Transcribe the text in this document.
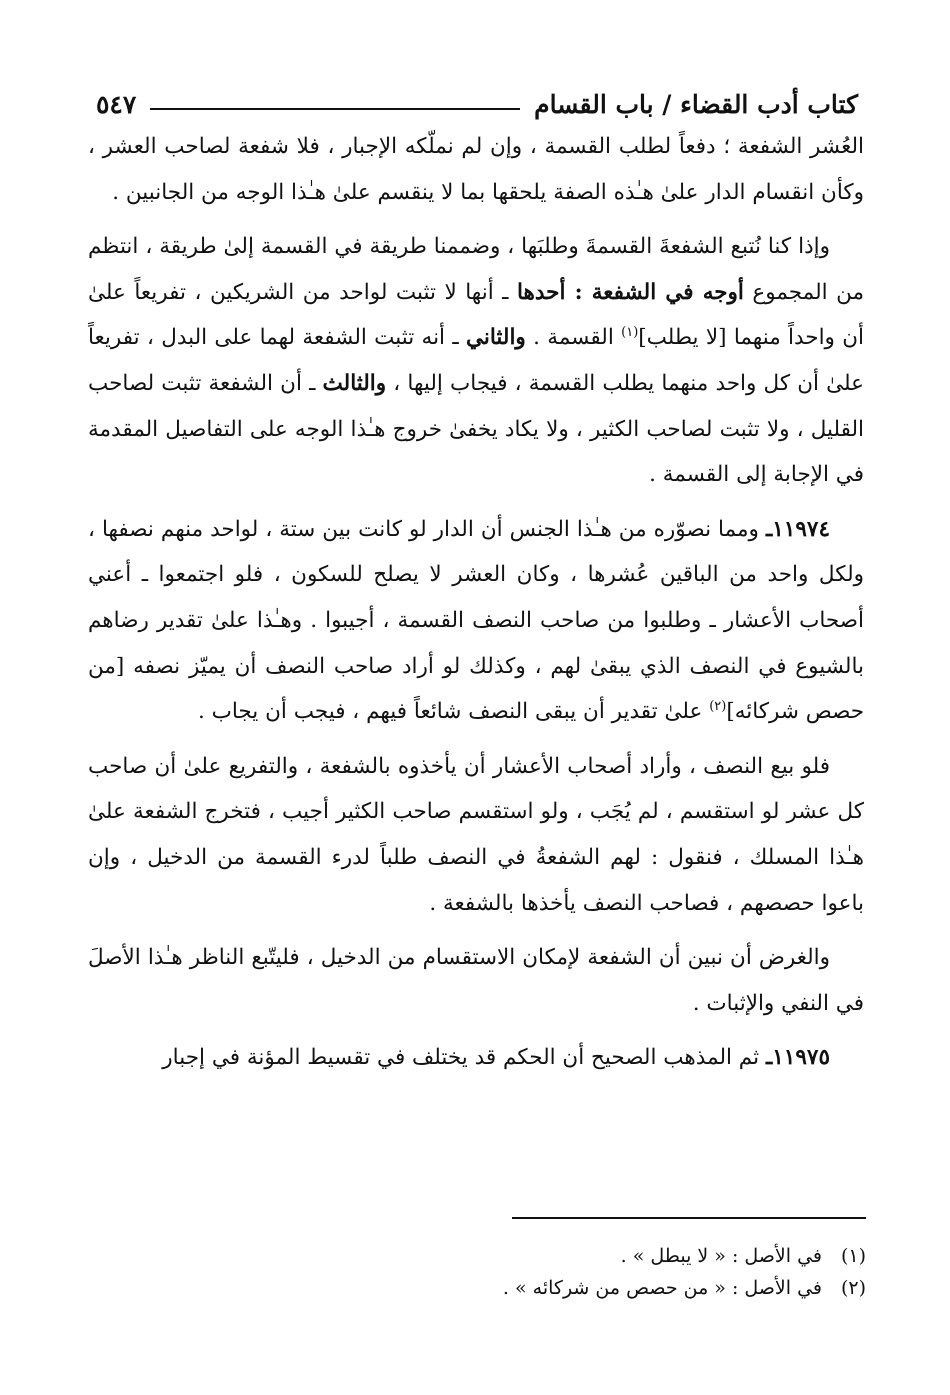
كتاب أدب القضاء / باب القسام
٥٤٧

العُشر الشفعة ؛ دفعاً لطلب القسمة ، وإن لم نملّكه الإجبار ، فلا شفعة لصاحب العشر ، وكأن انقسام الدار علىٰ هـٰذه الصفة يلحقها بما لا ينقسم علىٰ هـٰذا الوجه من الجانبين .

وإذا كنا نُتبع الشفعةَ القسمةَ وطلبَها ، وضممنا طريقة في القسمة إلىٰ طريقة ، انتظم من المجموع أوجه في الشفعة : أحدها ـ أنها لا تثبت لواحد من الشريكين ، تفريعاً علىٰ أن واحداً منهما [لا يطلب]$^{(١)}$ القسمة . والثاني ـ أنه تثبت الشفعة لهما على البدل ، تفريعاً علىٰ أن كل واحد منهما يطلب القسمة ، فيجاب إليها ، والثالث ـ أن الشفعة تثبت لصاحب القليل ، ولا تثبت لصاحب الكثير ، ولا يكاد يخفىٰ خروج هـٰذا الوجه على التفاصيل المقدمة في الإجابة إلى القسمة .

١١٩٧٤ـ ومما نصوّره من هـٰذا الجنس أن الدار لو كانت بين ستة ، لواحد منهم نصفها ، ولكل واحد من الباقين عُشرها ، وكان العشر لا يصلح للسكون ، فلو اجتمعوا ـ أعني أصحاب الأعشار ـ وطلبوا من صاحب النصف القسمة ، أجيبوا . وهـٰذا علىٰ تقدير رضاهم بالشيوع في النصف الذي يبقىٰ لهم ، وكذلك لو أراد صاحب النصف أن يميّز نصفه [من حصص شركائه]$^{(٢)}$ علىٰ تقدير أن يبقى النصف شائعاً فيهم ، فيجب أن يجاب .

فلو بيع النصف ، وأراد أصحاب الأعشار أن يأخذوه بالشفعة ، والتفريع علىٰ أن صاحب كل عشر لو استقسم ، لم يُجَب ، ولو استقسم صاحب الكثير أجيب ، فتخرج الشفعة علىٰ هـٰذا المسلك ، فنقول : لهم الشفعةُ في النصف طلباً لدرء القسمة من الدخيل ، وإن باعوا حصصهم ، فصاحب النصف يأخذها بالشفعة .

والغرض أن نبين أن الشفعة لإمكان الاستقسام من الدخيل ، فليتّبع الناظر هـٰذا الأصلَ في النفي والإثبات .

١١٩٧٥ـ ثم المذهب الصحيح أن الحكم قد يختلف في تقسيط المؤنة في إجبار

(١)
في الأصل : « لا يبطل » .

(٢)
في الأصل : « من حصص من شركائه » .
